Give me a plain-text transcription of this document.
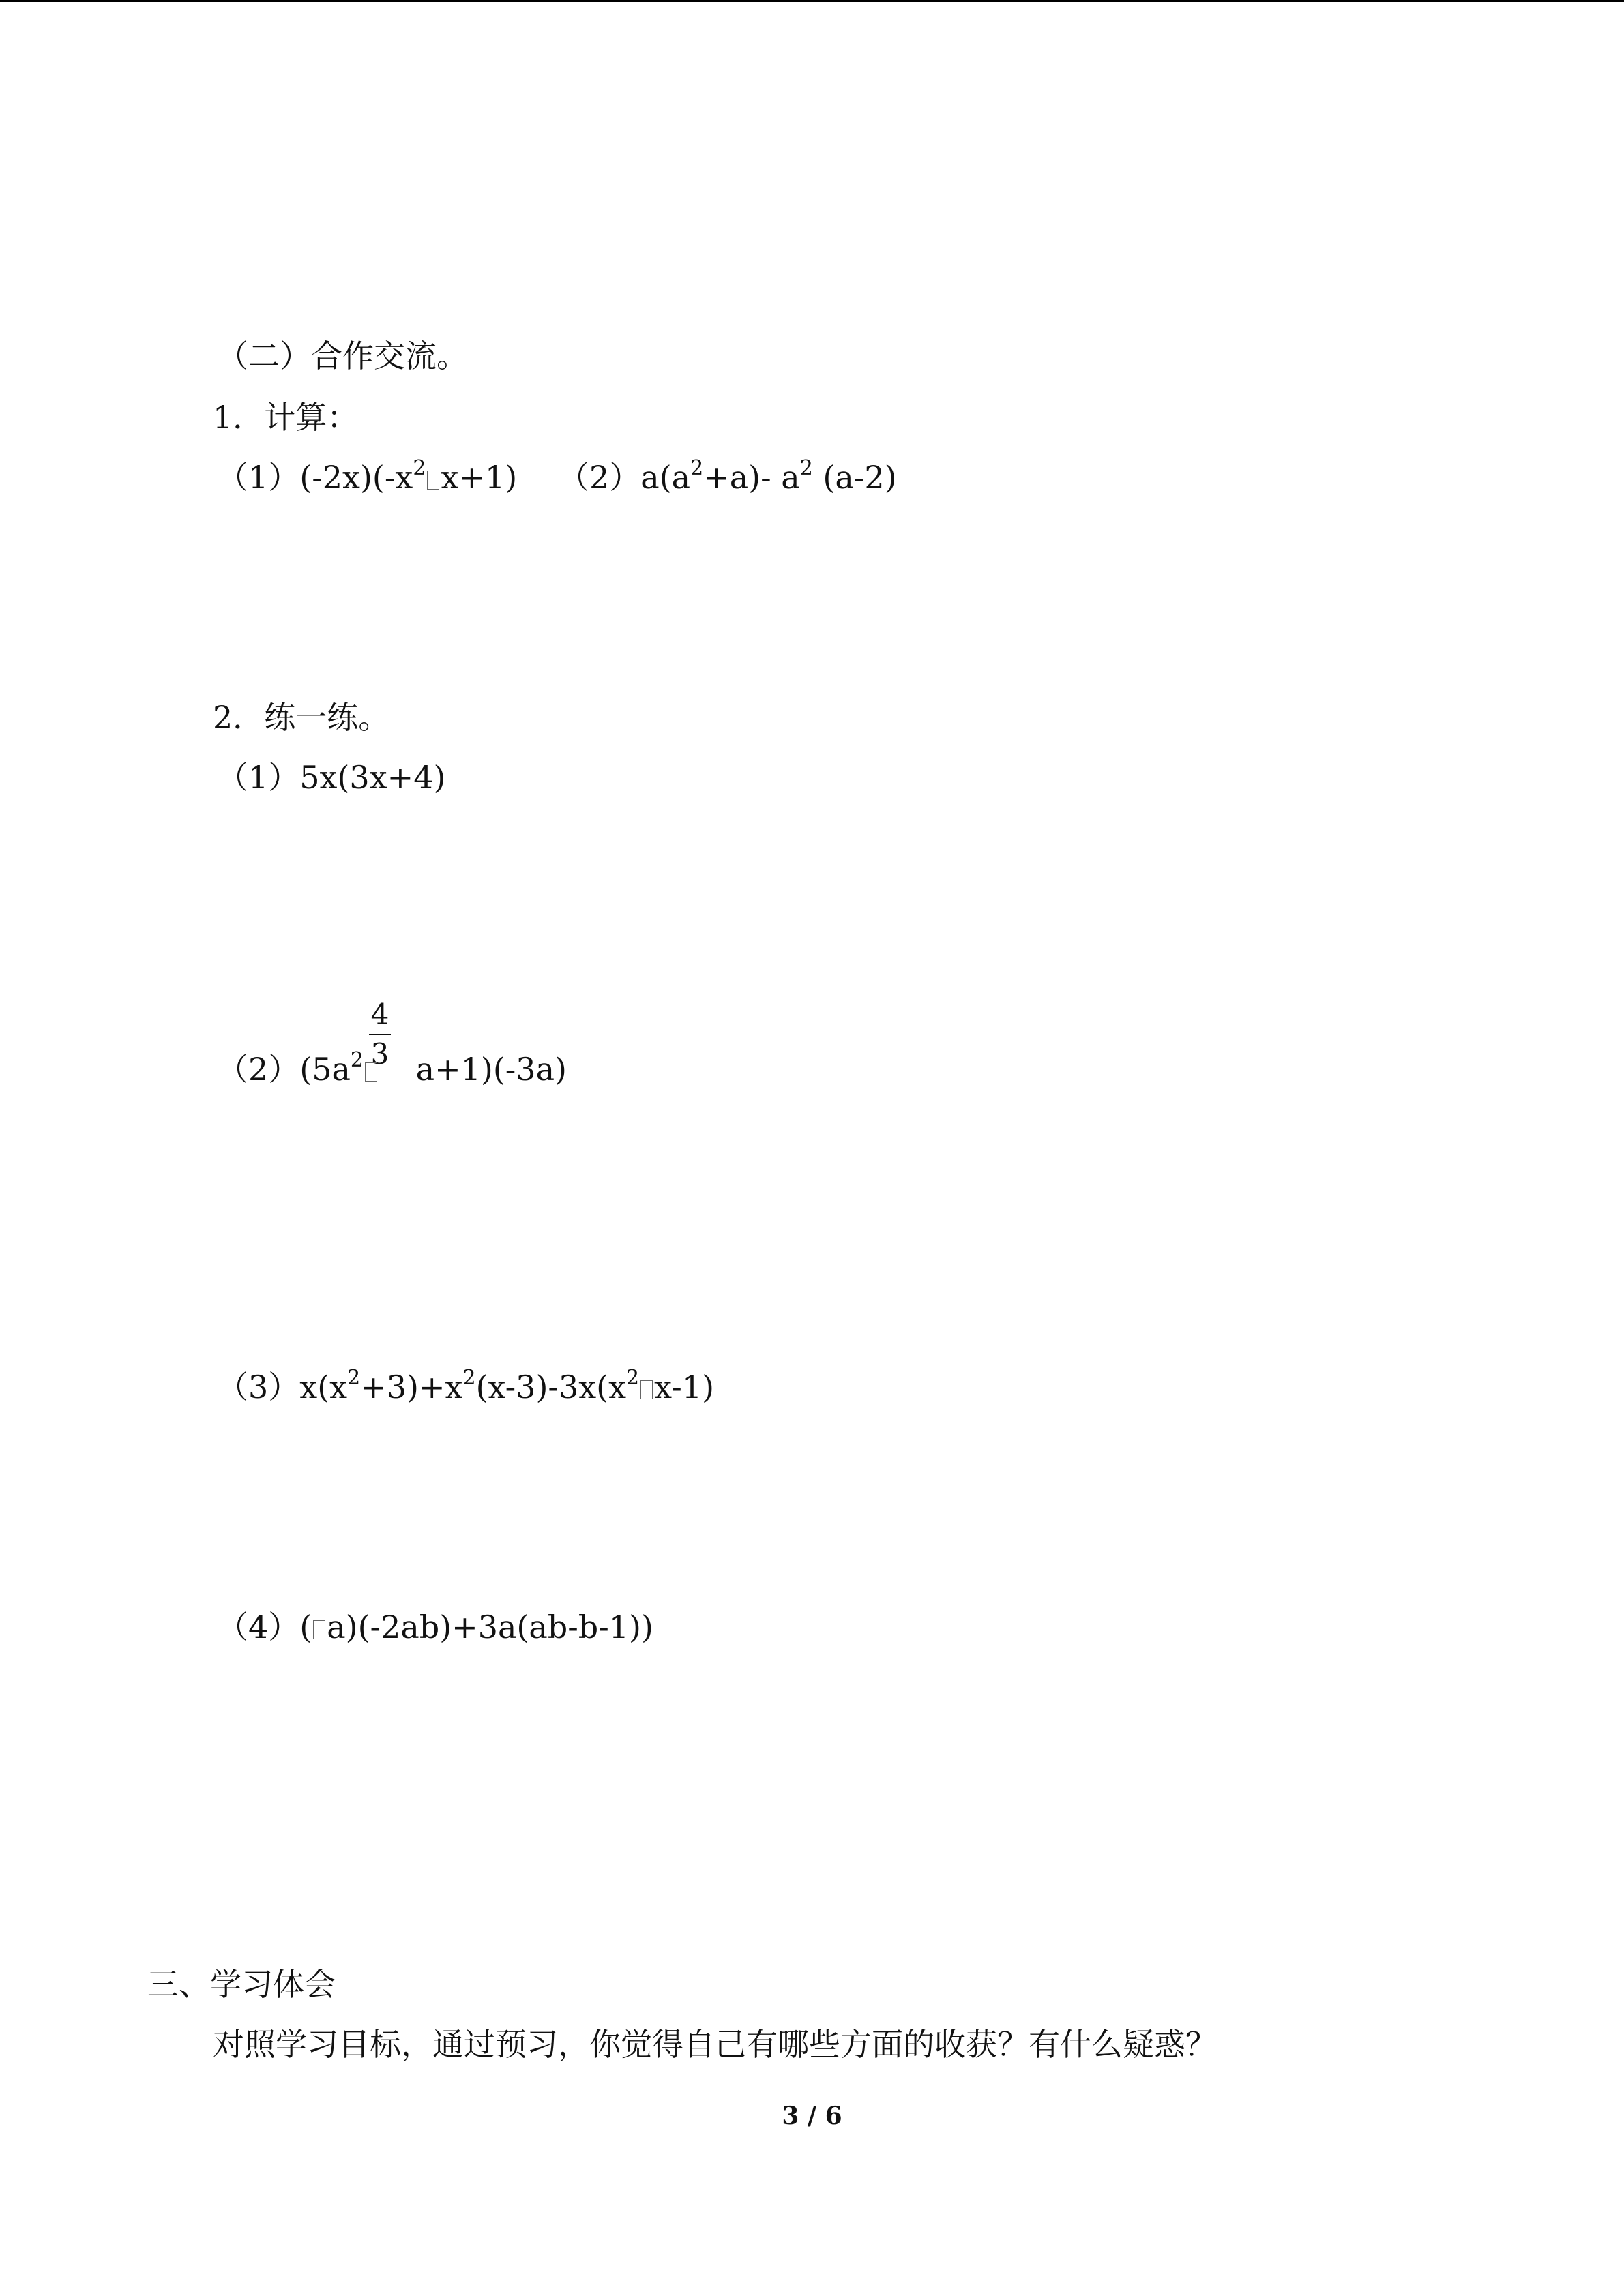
（二）合作交流。
1．计算：
$(1)(-2x)(-x^2$ x+1) $(2)a(a^2+a)-$ $a^2$ (a-2)
2．练一练。
（1）5x(3x+4)
4
3
$(2)(5a^2$ a+1)(-3a)
$(3)x(x^2+3)+x^2(x-3)-3x(x^2$ x-1)
（4）( a)(-2ab)+3a(ab-b-1))
三、学习体会
对照学习目标，通过预习，你觉得自己有哪些方面的收获？有什么疑惑？
3 / 6
